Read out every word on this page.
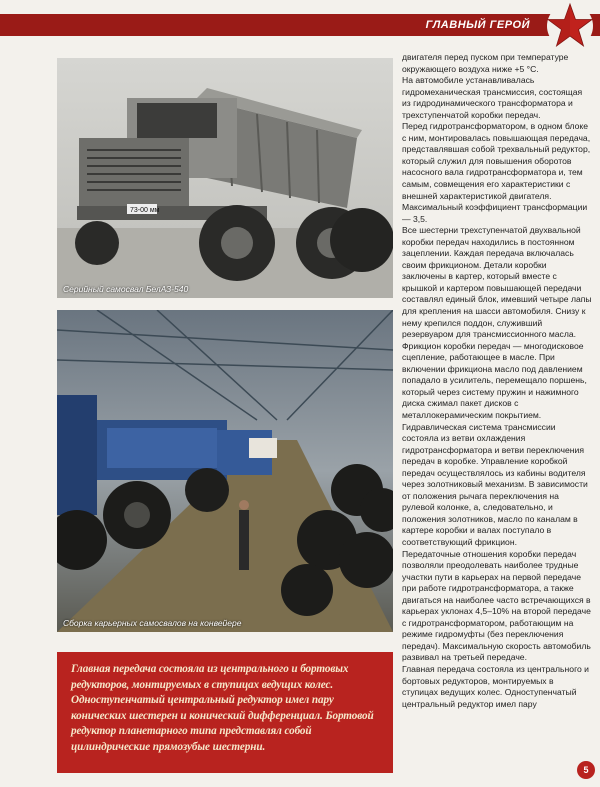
ГЛАВНЫЙ ГЕРОЙ
73-00 мм
Серийный самосвал БелАЗ-540
Сборка карьерных самосвалов на конвейере

Главная передача состояла из центрального и бортовых редукторов, монтируемых в ступицах ведущих колес. Одноступенчатый центральный редуктор имел пару конических шестерен и конический дифференциал. Бортовой редуктор планетарного типа представлял собой цилиндрические прямозубые шестерни.

двигателя перед пуском при температуре окружающего воздуха ниже +5 °С.

На автомобиле устанавливалась гидромеханическая трансмиссия, состоящая из гидродинамического трансформатора и трехступенчатой коробки передач.

Перед гидротрансформатором, в одном блоке с ним, монтировалась повышающая передача, представлявшая собой трехвальный редуктор, который служил для повышения оборотов насосного вала гидротрансформатора и, тем самым, совмещения его характеристики с внешней характеристикой двигателя. Максимальный коэффициент трансформации — 3,5.

Все шестерни трехступенчатой двухвальной коробки передач находились в постоянном зацеплении. Каждая передача включалась своим фрикционом. Детали коробки заключены в картер, который вместе с крышкой и картером повышающей передачи составлял единый блок, имевший четыре лапы для крепления на шасси автомобиля. Снизу к нему крепился поддон, служивший резервуаром для трансмиссионного масла.

Фрикцион коробки передач — многодисковое сцепление, работающее в масле. При включении фрикциона масло под давлением попадало в усилитель, перемещало поршень, который через систему пружин и нажимного диска сжимал пакет дисков с металлокерамическим покрытием.

Гидравлическая система трансмиссии состояла из ветви охлаждения гидротрансформатора и ветви переключения передач в коробке. Управление коробкой передач осуществлялось из кабины водителя через золотниковый механизм. В зависимости от положения рычага переключения на рулевой колонке, а, следовательно, и положения золотников, масло по каналам в картере коробки и валах поступало в соответствующий фрикцион.

Передаточные отношения коробки передач позволяли преодолевать наиболее трудные участки пути в карьерах на первой передаче при работе гидротрансформатора, а также двигаться на наиболее часто встречающихся в карьерах уклонах 4,5–10% на второй передаче с гидротрансформатором, работающим на режиме гидромуфты (без переключения передач). Максимальную скорость автомобиль развивал на третьей передаче.

Главная передача состояла из центрального и бортовых редукторов, монтируемых в ступицах ведущих колес. Одноступенчатый центральный редуктор имел пару

5
